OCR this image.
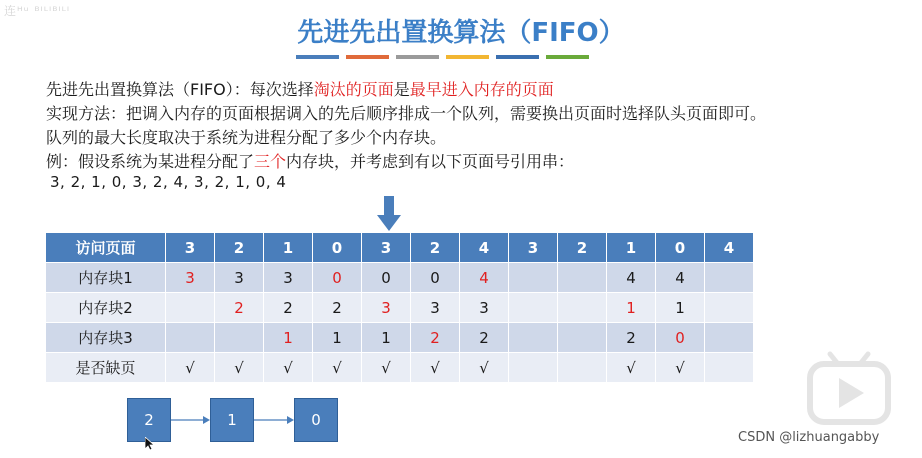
连ᴴᵘ ᴮᴵᴸᴵᴮᴵᴸᴵ
先进先出置换算法（FIFO）
先进先出置换算法（FIFO）：每次选择淘汰的页面是最早进入内存的页面
实现方法：把调入内存的页面根据调入的先后顺序排成一个队列，需要换出页面时选择队头页面即可。
队列的最大长度取决于系统为进程分配了多少个内存块。
例：假设系统为某进程分配了三个内存块，并考虑到有以下页面号引用串：
3, 2, 1, 0, 3, 2, 4, 3, 2, 1, 0, 4
访问页面	3	2	1	0	3	2	4	3	2	1	0	4
内存块1	3	3	3	0	0	0	4			4	4	
内存块2		2	2	2	3	3	3			1	1	
内存块3			1	1	1	2	2			2	0	
是否缺页	√	√	√	√	√	√	√			√	√	
2	1	0
CSDN @lizhuangabby
